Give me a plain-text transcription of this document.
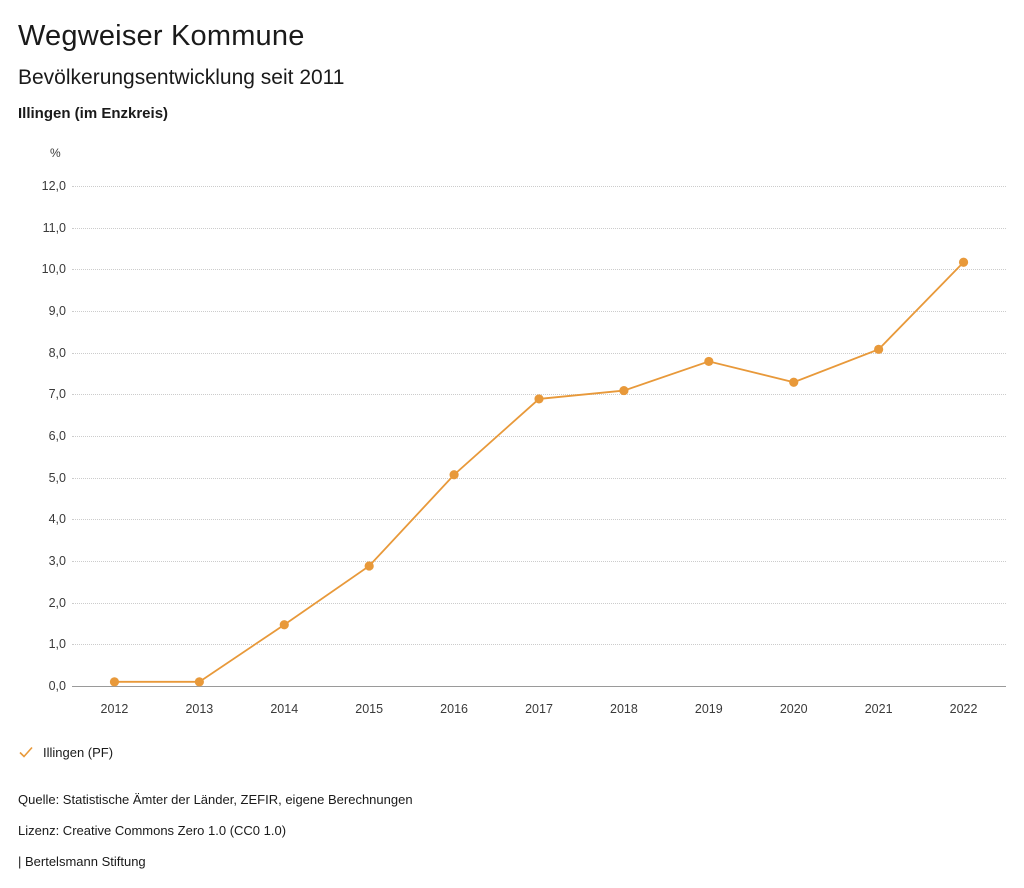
Wegweiser Kommune
Bevölkerungsentwicklung seit 2011
Illingen (im Enzkreis)
%
0,0
1,0
2,0
3,0
4,0
5,0
6,0
7,0
8,0
9,0
10,0
11,0
12,0
2012	2013	2014	2015	2016	2017	2018	2019	2020	2021	2022
Illingen (PF)
Quelle: Statistische Ämter der Länder, ZEFIR, eigene Berechnungen
Lizenz: Creative Commons Zero 1.0 (CC0 1.0)
| Bertelsmann Stiftung
